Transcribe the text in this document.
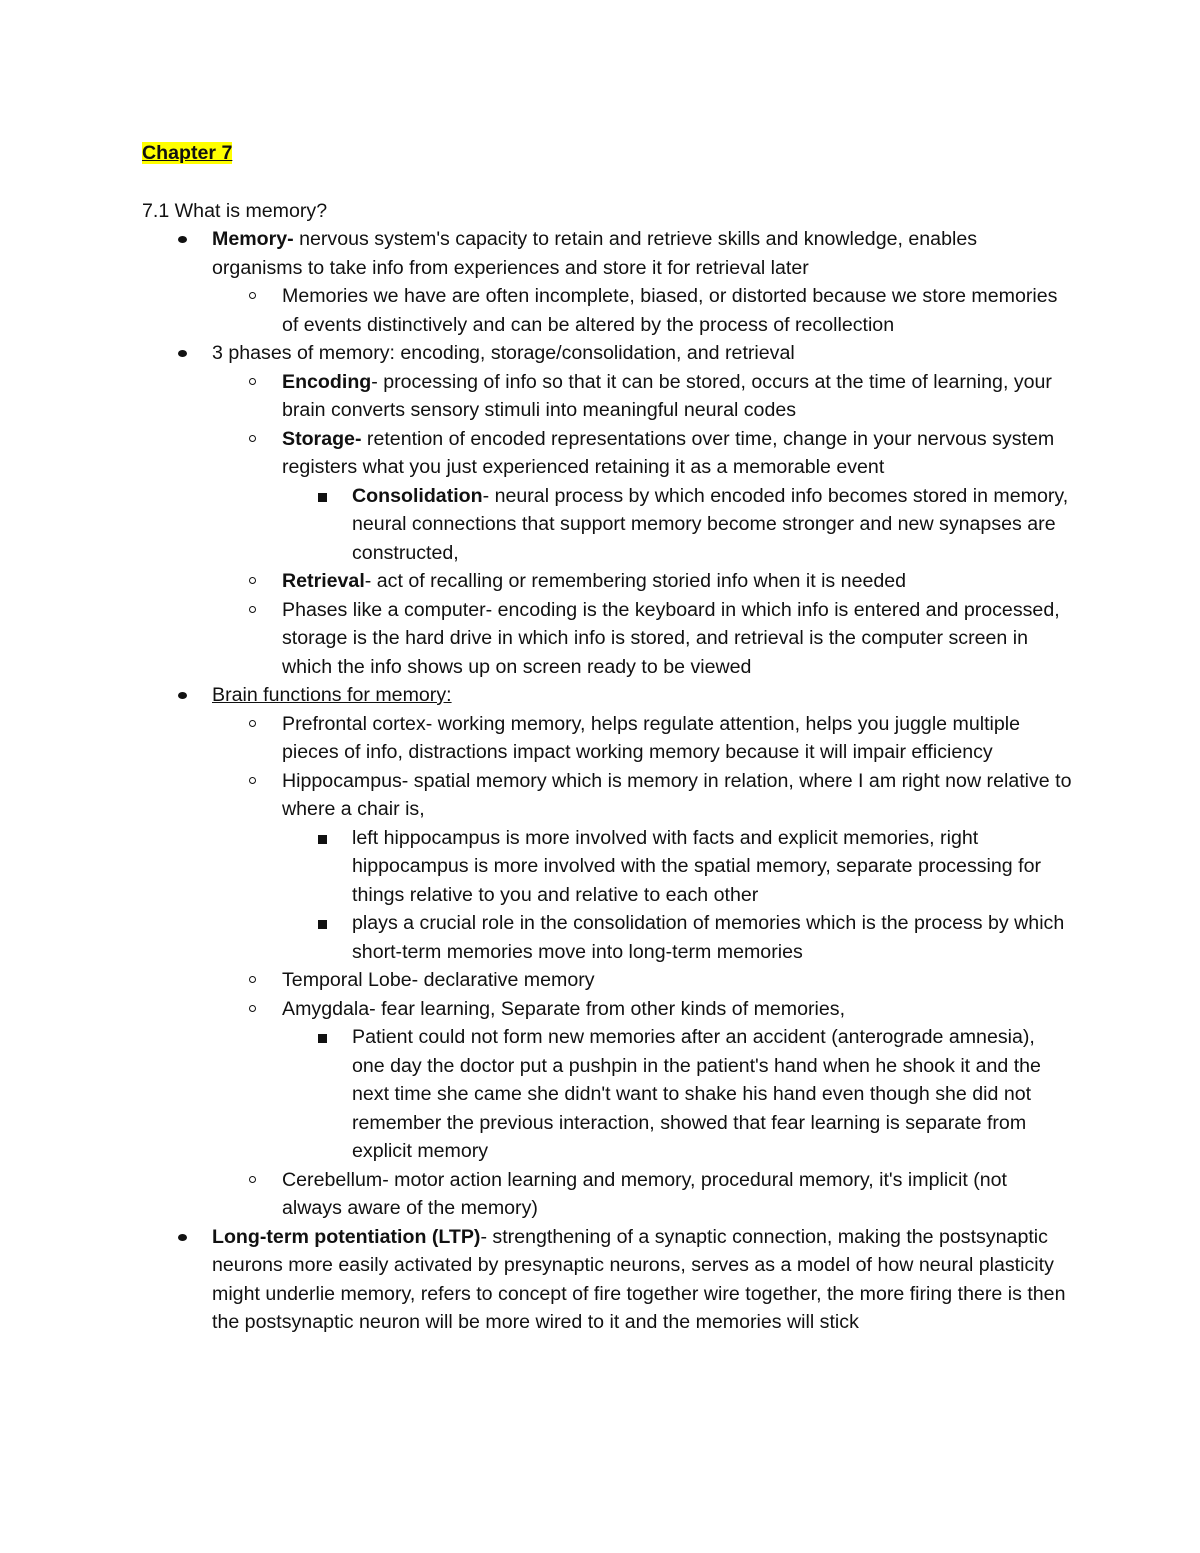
Chapter 7

7.1 What is memory?
Memory- nervous system's capacity to retain and retrieve skills and knowledge, enables organisms to take info from experiences and store it for retrieval later
Memories we have are often incomplete, biased, or distorted because we store memories of events distinctively and can be altered by the process of recollection
3 phases of memory: encoding, storage/consolidation, and retrieval
Encoding- processing of info so that it can be stored, occurs at the time of learning, your brain converts sensory stimuli into meaningful neural codes
Storage- retention of encoded representations over time, change in your nervous system registers what you just experienced retaining it as a memorable event
Consolidation- neural process by which encoded info becomes stored in memory, neural connections that support memory become stronger and new synapses are constructed,
Retrieval- act of recalling or remembering storied info when it is needed
Phases like a computer- encoding is the keyboard in which info is entered and processed, storage is the hard drive in which info is stored, and retrieval is the computer screen in which the info shows up on screen ready to be viewed
Brain functions for memory:
Prefrontal cortex- working memory, helps regulate attention, helps you juggle multiple pieces of info, distractions impact working memory because it will impair efficiency
Hippocampus- spatial memory which is memory in relation, where I am right now relative to where a chair is,
left hippocampus is more involved with facts and explicit memories, right hippocampus is more involved with the spatial memory, separate processing for things relative to you and relative to each other
plays a crucial role in the consolidation of memories which is the process by which short-term memories move into long-term memories
Temporal Lobe- declarative memory
Amygdala- fear learning, Separate from other kinds of memories,
Patient could not form new memories after an accident (anterograde amnesia), one day the doctor put a pushpin in the patient's hand when he shook it and the next time she came she didn't want to shake his hand even though she did not remember the previous interaction, showed that fear learning is separate from explicit memory
Cerebellum- motor action learning and memory, procedural memory, it's implicit (not always aware of the memory)
Long-term potentiation (LTP)- strengthening of a synaptic connection, making the postsynaptic neurons more easily activated by presynaptic neurons, serves as a model of how neural plasticity might underlie memory, refers to concept of fire together wire together, the more firing there is then the postsynaptic neuron will be more wired to it and the memories will stick
